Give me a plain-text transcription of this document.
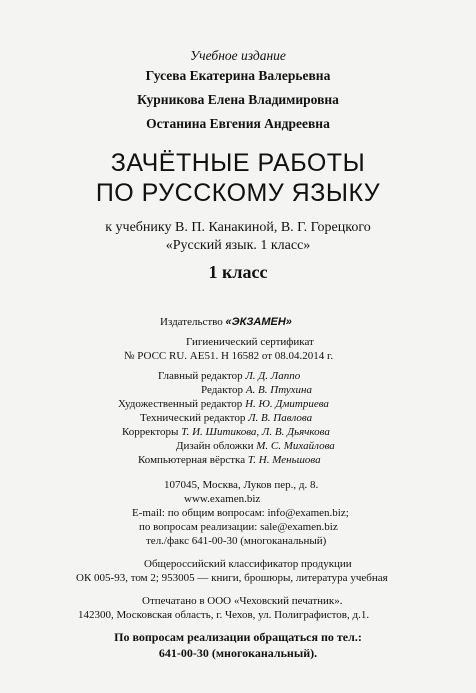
Учебное издание
Гусева Екатерина Валерьевна
Курникова Елена Владимировна
Останина Евгения Андреевна
ЗАЧЁТНЫЕ РАБОТЫ
ПО РУССКОМУ ЯЗЫКУ
к учебнику В. П. Канакиной, В. Г. Горецкого
«Русский язык. 1 класс»
1 класс
Издательство «ЭКЗАМЕН»
Гигиенический сертификат
№ РОСС RU. АЕ51. Н 16582 от 08.04.2014 г.
Главный редактор Л. Д. Лаппо
Редактор А. В. Птухина
Художественный редактор Н. Ю. Дмитриева
Технический редактор Л. В. Павлова
Корректоры Т. И. Шитикова, Л. В. Дьячкова
Дизайн обложки М. С. Михайлова
Компьютерная вёрстка Т. Н. Меньшова
107045, Москва, Луков пер., д. 8.
www.examen.biz
E-mail: по общим вопросам: info@examen.biz;
по вопросам реализации: sale@examen.biz
тел./факс 641-00-30 (многоканальный)
Общероссийский классификатор продукции
ОК 005-93, том 2; 953005 — книги, брошюры, литература учебная
Отпечатано в ООО «Чеховский печатник».
142300, Московская область, г. Чехов, ул. Полиграфистов, д.1.
По вопросам реализации обращаться по тел.:
641-00-30 (многоканальный).
